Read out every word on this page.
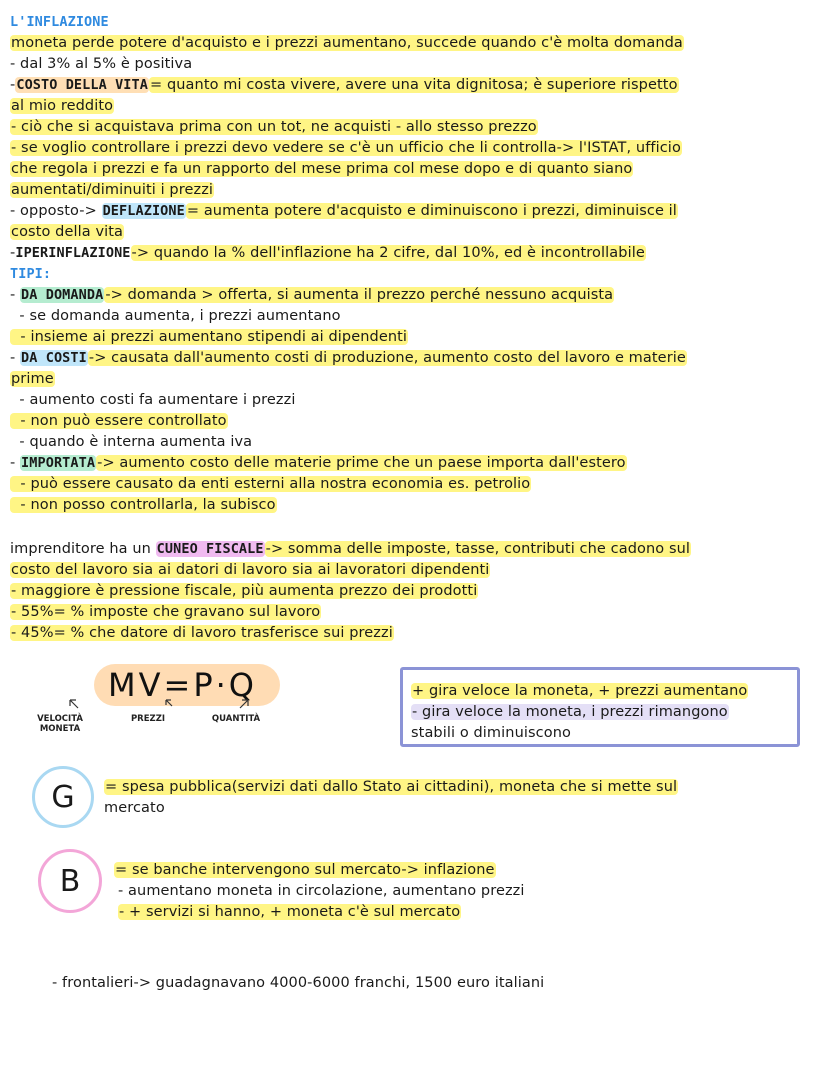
L'INFLAZIONE
moneta perde potere d'acquisto e i prezzi aumentano, succede quando c'è molta domanda
- dal 3% al 5% è positiva
-COSTO DELLA VITA = quanto mi costa vivere, avere una vita dignitosa; è superiore rispetto
al mio reddito
- ciò che si acquistava prima con un tot, ne acquisti - allo stesso prezzo
- se voglio controllare i prezzi devo vedere se c'è un ufficio che li controlla-> l'ISTAT, ufficio
che regola i prezzi e fa un rapporto del mese prima col mese dopo e di quanto siano
aumentati/diminuiti i prezzi
- opposto-> DEFLAZIONE = aumenta potere d'acquisto e diminuiscono i prezzi, diminuisce il
costo della vita
-IPERINFLAZIONE-> quando la % dell'inflazione ha 2 cifre, dal 10%, ed è incontrollabile
TIPI:
- DA DOMANDA -> domanda > offerta, si aumenta il prezzo perché nessuno acquista
- se domanda aumenta, i prezzi aumentano
- insieme ai prezzi aumentano stipendi ai dipendenti
- DA COSTI -> causata dall'aumento costi di produzione, aumento costo del lavoro e materie
prime
- aumento costi fa aumentare i prezzi
- non può essere controllato
- quando è interna aumenta iva
- IMPORTATA -> aumento costo delle materie prime che un paese importa dall'estero
- può essere causato da enti esterni alla nostra economia es. petrolio
- non posso controllarla, la subisco
imprenditore ha un CUNEO FISCALE -> somma delle imposte, tasse, contributi che cadono sul
costo del lavoro sia ai datori di lavoro sia ai lavoratori dipendenti
- maggiore è pressione fiscale, più aumenta prezzo dei prodotti
- 55%= % imposte che gravano sul lavoro
- 45%= % che datore di lavoro trasferisce sui prezzi
MV=P·Q
VELOCITÀ MONETA
PREZZI	QUANTITÀ
+ gira veloce la moneta, + prezzi aumentano
- gira veloce la moneta, i prezzi rimangono
stabili o diminuiscono
G	= spesa pubblica(servizi dati dallo Stato ai cittadini), moneta che si mette sul
mercato
B	= se banche intervengono sul mercato-> inflazione
- aumentano moneta in circolazione, aumentano prezzi
- + servizi si hanno, + moneta c'è sul mercato
- frontalieri-> guadagnavano 4000-6000 franchi, 1500 euro italiani
